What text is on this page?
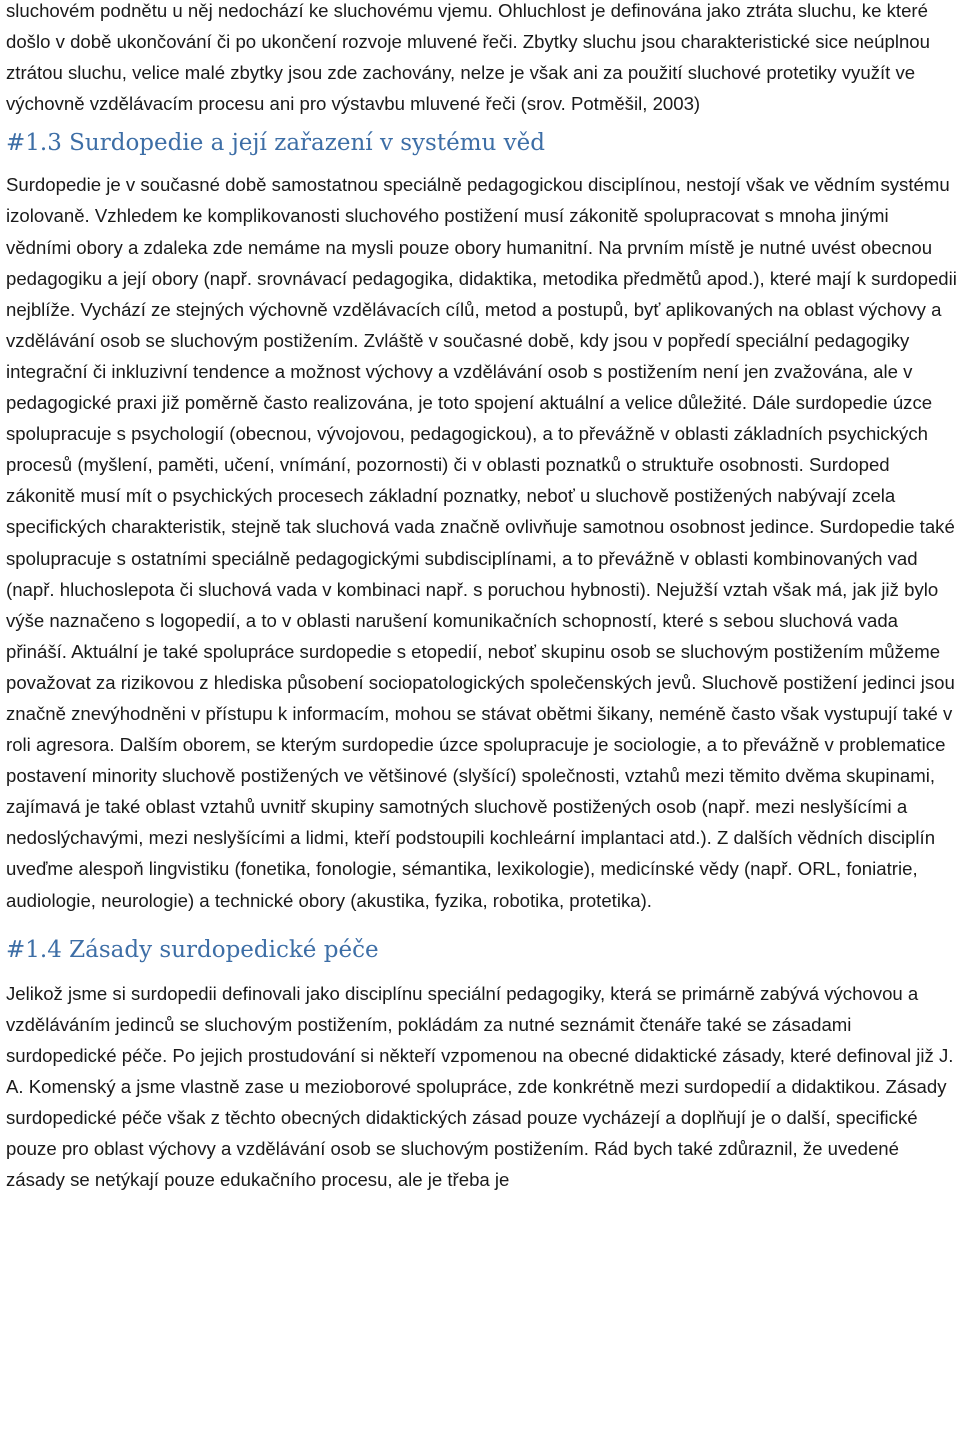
sluchovém podnětu u něj nedochází ke sluchovému vjemu. Ohluchlost je definována jako ztráta sluchu, ke které došlo v době ukončování či po ukončení rozvoje mluvené řeči. Zbytky sluchu jsou charakteristické sice neúplnou ztrátou sluchu, velice malé zbytky jsou zde zachovány, nelze je však ani za použití sluchové protetiky využít ve výchovně vzdělávacím procesu ani pro výstavbu mluvené řeči (srov. Potměšil, 2003)

#1.3 Surdopedie a její zařazení v systému věd

Surdopedie je v současné době samostatnou speciálně pedagogickou disciplínou, nestojí však ve vědním systému izolovaně. Vzhledem ke komplikovanosti sluchového postižení musí zákonitě spolupracovat s mnoha jinými vědními obory a zdaleka zde nemáme na mysli pouze obory humanitní. Na prvním místě je nutné uvést obecnou pedagogiku a její obory (např. srovnávací pedagogika, didaktika, metodika předmětů apod.), které mají k surdopedii nejblíže. Vychází ze stejných výchovně vzdělávacích cílů, metod a postupů, byť aplikovaných na oblast výchovy a vzdělávání osob se sluchovým postižením. Zvláště v současné době, kdy jsou v popředí speciální pedagogiky integrační či inkluzivní tendence a možnost výchovy a vzdělávání osob s postižením není jen zvažována, ale v pedagogické praxi již poměrně často realizována, je toto spojení aktuální a velice důležité. Dále surdopedie úzce spolupracuje s psychologií (obecnou, vývojovou, pedagogickou), a to převážně v oblasti základních psychických procesů (myšlení, paměti, učení, vnímání, pozornosti) či v oblasti poznatků o struktuře osobnosti. Surdoped zákonitě musí mít o psychických procesech základní poznatky, neboť u sluchově postižených nabývají zcela specifických charakteristik, stejně tak sluchová vada značně ovlivňuje samotnou osobnost jedince. Surdopedie také spolupracuje s ostatními speciálně pedagogickými subdisciplínami, a to převážně v oblasti kombinovaných vad (např. hluchoslepota či sluchová vada v kombinaci např. s poruchou hybnosti). Nejužší vztah však má, jak již bylo výše naznačeno s logopedií, a to v oblasti narušení komunikačních schopností, které s sebou sluchová vada přináší. Aktuální je také spolupráce surdopedie s etopedií, neboť skupinu osob se sluchovým postižením můžeme považovat za rizikovou z hlediska působení sociopatologických společenských jevů. Sluchově postižení jedinci jsou značně znevýhodněni v přístupu k informacím, mohou se stávat obětmi šikany, neméně často však vystupují také v roli agresora. Dalším oborem, se kterým surdopedie úzce spolupracuje je sociologie, a to převážně v problematice postavení minority sluchově postižených ve většinové (slyšící) společnosti, vztahů mezi těmito dvěma skupinami, zajímavá je také oblast vztahů uvnitř skupiny samotných sluchově postižených osob (např. mezi neslyšícími a nedoslýchavými, mezi neslyšícími a lidmi, kteří podstoupili kochleární implantaci atd.). Z dalších vědních disciplín uveďme alespoň lingvistiku (fonetika, fonologie, sémantika, lexikologie), medicínské vědy (např. ORL, foniatrie, audiologie, neurologie) a technické obory (akustika, fyzika, robotika, protetika).

#1.4 Zásady surdopedické péče

Jelikož jsme si surdopedii definovali jako disciplínu speciální pedagogiky, která se primárně zabývá výchovou a vzděláváním jedinců se sluchovým postižením, pokládám za nutné seznámit čtenáře také se zásadami surdopedické péče. Po jejich prostudování si někteří vzpomenou na obecné didaktické zásady, které definoval již J. A. Komenský a jsme vlastně zase u mezioborové spolupráce, zde konkrétně mezi surdopedií a didaktikou. Zásady surdopedické péče však z těchto obecných didaktických zásad pouze vycházejí a doplňují je o další, specifické pouze pro oblast výchovy a vzdělávání osob se sluchovým postižením. Rád bych také zdůraznil, že uvedené zásady se netýkají pouze edukačního procesu, ale je třeba je
